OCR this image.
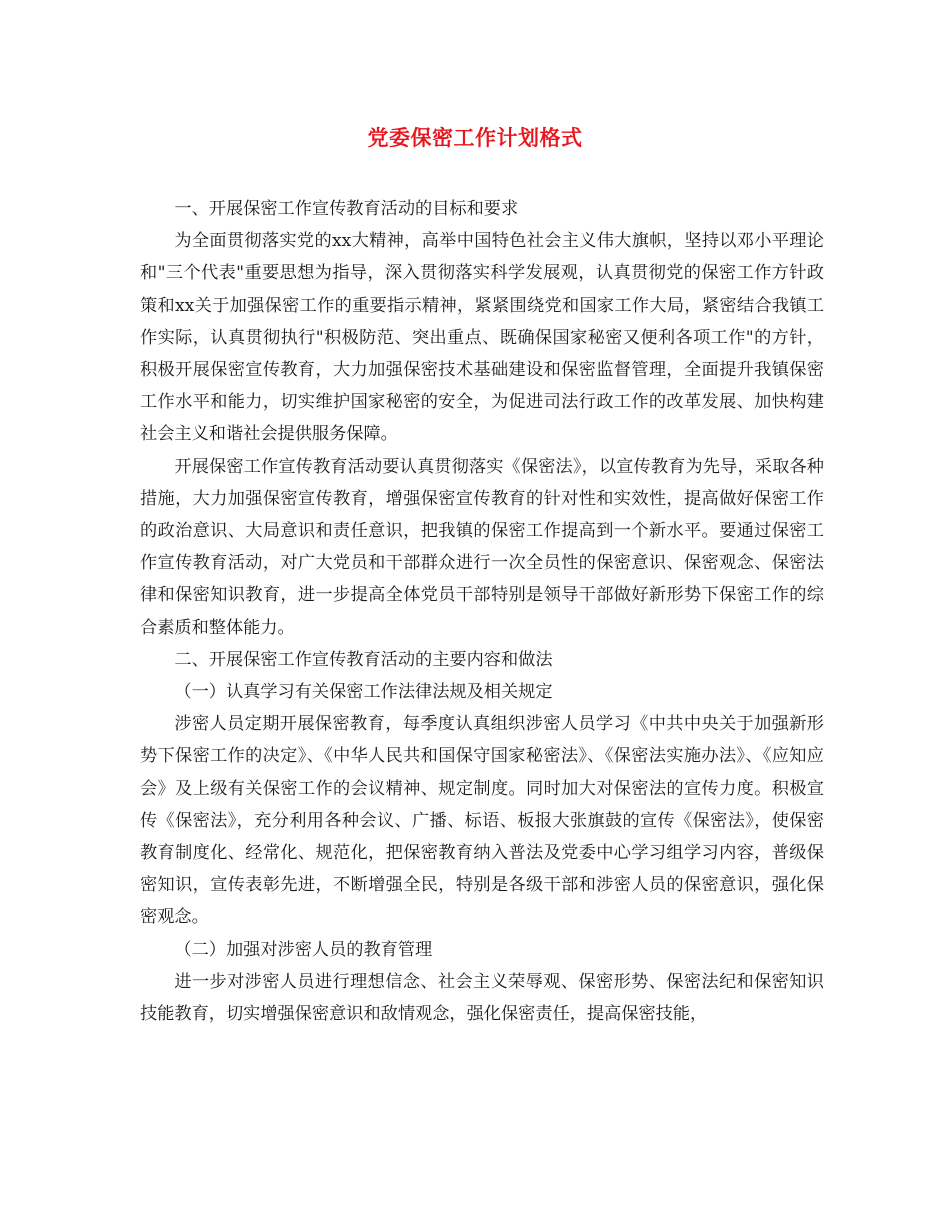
党委保密工作计划格式

一、开展保密工作宣传教育活动的目标和要求

为全面贯彻落实党的xx大精神，高举中国特色社会主义伟大旗帜，坚持以邓小平理论和"三个代表"重要思想为指导，深入贯彻落实科学发展观，认真贯彻党的保密工作方针政策和xx关于加强保密工作的重要指示精神，紧紧围绕党和国家工作大局，紧密结合我镇工作实际，认真贯彻执行"积极防范、突出重点、既确保国家秘密又便利各项工作"的方针，积极开展保密宣传教育，大力加强保密技术基础建设和保密监督管理，全面提升我镇保密工作水平和能力，切实维护国家秘密的安全，为促进司法行政工作的改革发展、加快构建社会主义和谐社会提供服务保障。

开展保密工作宣传教育活动要认真贯彻落实《保密法》，以宣传教育为先导，采取各种措施，大力加强保密宣传教育，增强保密宣传教育的针对性和实效性，提高做好保密工作的政治意识、大局意识和责任意识，把我镇的保密工作提高到一个新水平。要通过保密工作宣传教育活动，对广大党员和干部群众进行一次全员性的保密意识、保密观念、保密法律和保密知识教育，进一步提高全体党员干部特别是领导干部做好新形势下保密工作的综合素质和整体能力。

二、开展保密工作宣传教育活动的主要内容和做法

（一）认真学习有关保密工作法律法规及相关规定

涉密人员定期开展保密教育，每季度认真组织涉密人员学习《中共中央关于加强新形势下保密工作的决定》、《中华人民共和国保守国家秘密法》、《保密法实施办法》、《应知应会》及上级有关保密工作的会议精神、规定制度。同时加大对保密法的宣传力度。积极宣传《保密法》，充分利用各种会议、广播、标语、板报大张旗鼓的宣传《保密法》，使保密教育制度化、经常化、规范化，把保密教育纳入普法及党委中心学习组学习内容，普级保密知识，宣传表彰先进，不断增强全民，特别是各级干部和涉密人员的保密意识，强化保密观念。

（二）加强对涉密人员的教育管理

进一步对涉密人员进行理想信念、社会主义荣辱观、保密形势、保密法纪和保密知识技能教育，切实增强保密意识和敌情观念，强化保密责任，提高保密技能，
